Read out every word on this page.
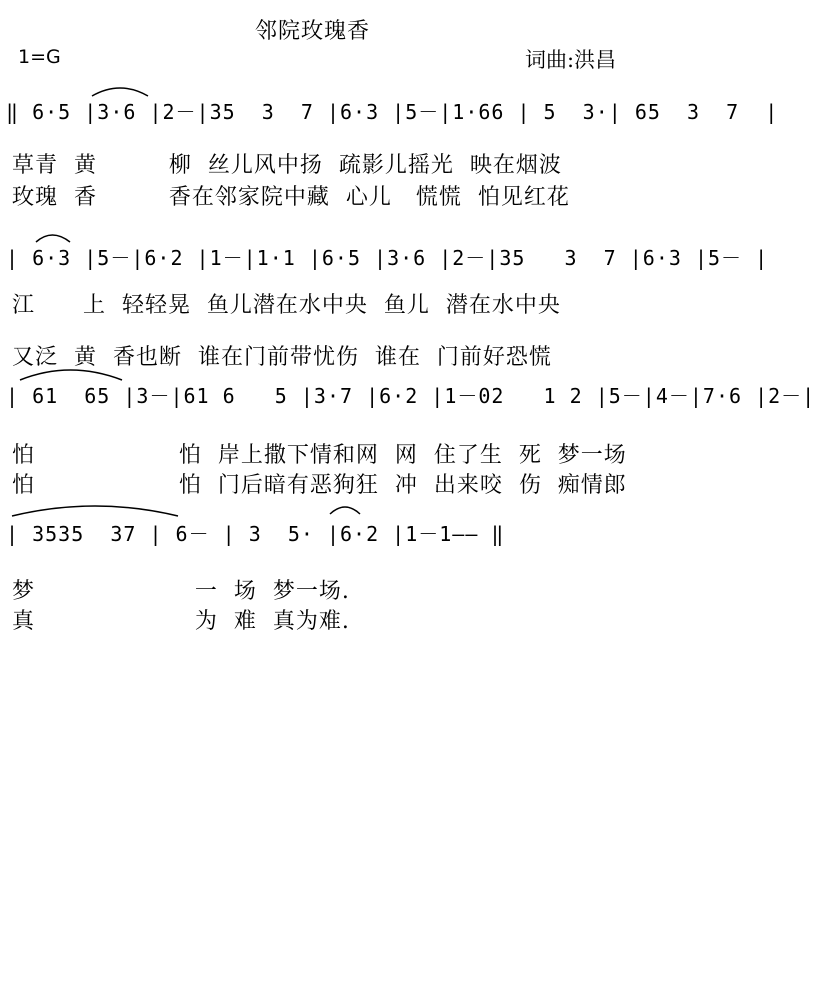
邻院玫瑰香
1=G	词曲:洪昌
‖ 6·5 |3·6 |2－|35  3  7 |6·3 |5－|1·66 | 5  3·| 65  3  7  |
草青  黄         柳  丝儿风中扬  疏影儿摇光  映在烟波
玫瑰  香         香在邻家院中藏  心儿   慌慌  怕见红花
| 6·3 |5－|6·2 |1－|1·1 |6·5 |3·6 |2－|35   3  7 |6·3 |5－ |
江      上  轻轻晃  鱼儿潜在水中央  鱼儿  潜在水中央
又泛  黄  香也断  谁在门前带忧伤  谁在  门前好恐慌
| 61  65 |3－|61 6   5 |3·7 |6·2 |1－02   1 2 |5－|4－|7·6 |2－|
怕                  怕  岸上撒下情和网  网  住了生  死  梦一场
怕                  怕  门后暗有恶狗狂  冲  出来咬  伤  痴情郎
| 3535  37 | 6－ | 3  5· |6·2 |1－1—— ‖
梦                    一  场  梦一场.
真                    为  难  真为难.
